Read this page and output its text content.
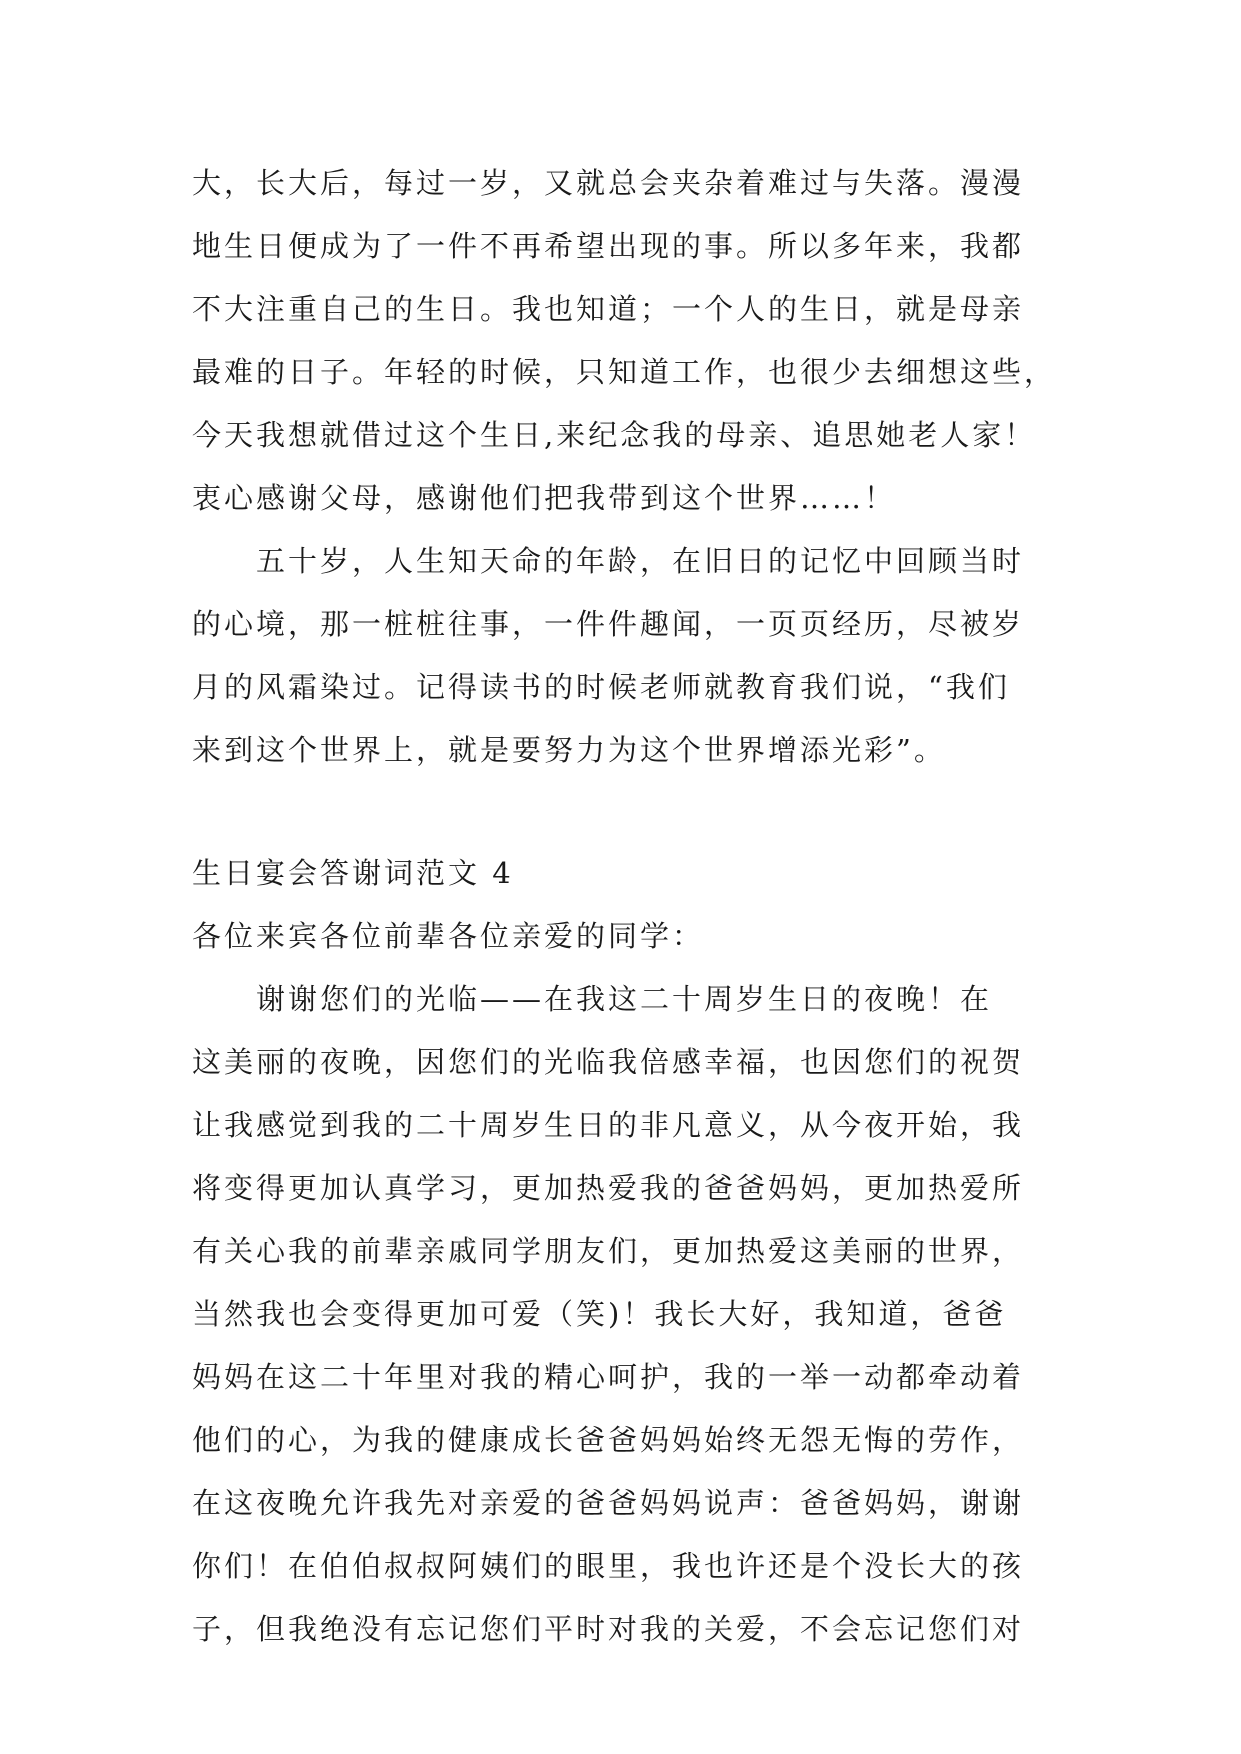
大，长大后，每过一岁，又就总会夹杂着难过与失落。漫漫
地生日便成为了一件不再希望出现的事。所以多年来，我都
不大注重自己的生日。我也知道；一个人的生日，就是母亲
最难的日子。年轻的时候，只知道工作，也很少去细想这些，
今天我想就借过这个生日,来纪念我的母亲、追思她老人家！
衷心感谢父母，感谢他们把我带到这个世界……！
五十岁，人生知天命的年龄，在旧日的记忆中回顾当时
的心境，那一桩桩往事，一件件趣闻，一页页经历，尽被岁
月的风霜染过。记得读书的时候老师就教育我们说，“我们
来到这个世界上，就是要努力为这个世界增添光彩”。
生日宴会答谢词范文 4
各位来宾各位前辈各位亲爱的同学：
谢谢您们的光临——在我这二十周岁生日的夜晚！在
这美丽的夜晚，因您们的光临我倍感幸福，也因您们的祝贺
让我感觉到我的二十周岁生日的非凡意义，从今夜开始，我
将变得更加认真学习，更加热爱我的爸爸妈妈，更加热爱所
有关心我的前辈亲戚同学朋友们，更加热爱这美丽的世界，
当然我也会变得更加可爱（笑)！我长大好，我知道，爸爸
妈妈在这二十年里对我的精心呵护，我的一举一动都牵动着
他们的心，为我的健康成长爸爸妈妈始终无怨无悔的劳作，
在这夜晚允许我先对亲爱的爸爸妈妈说声：爸爸妈妈，谢谢
你们！在伯伯叔叔阿姨们的眼里，我也许还是个没长大的孩
子，但我绝没有忘记您们平时对我的关爱，不会忘记您们对
